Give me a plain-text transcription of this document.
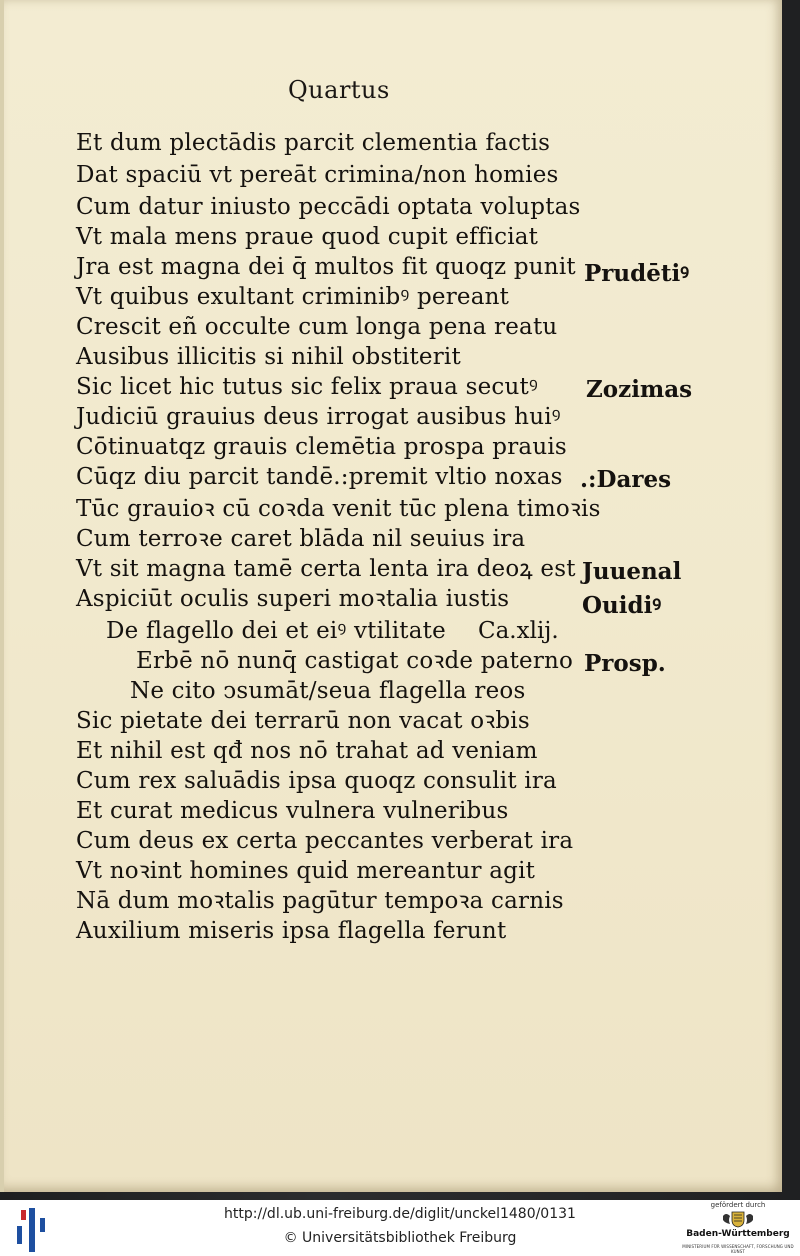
Quartus
Et dum plectādis parcit clementia factis
Dat spaciū vt pereāt crimina/non homies
Cum datur iniusto peccādi optata voluptas
Vt mala mens praue quod cupit efficiat
Jra est magna dei q̄ multos fit quoqz punit
Vt quibus exultant criminibꝰ pereant
Crescit eñ occulte cum longa pena reatu
Ausibus illicitis si nihil obstiterit
Sic licet hic tutus sic felix praua secutꝰ
Judiciū grauius deus irrogat ausibus huiꝰ
Cōtinuatqz grauis clemētia prospa prauis
Cūqz diu parcit tandē.:premit vltio noxas
Tūc grauioꝛ cū coꝛda venit tūc plena timoꝛis
Cum terroꝛe caret blāda nil seuius ira
Vt sit magna tamē certa lenta ira deoꝝ est
Aspiciūt oculis superi moꝛtalia iustis
De flagello dei et eiꝰ vtilitate Ca.xlij.
Erbē nō nunq̄ castigat coꝛde paterno
Ne cito ↄsumāt/seua flagella reos
Sic pietate dei terrarū non vacat oꝛbis
Et nihil est qđ nos nō trahat ad veniam
Cum rex saluādis ipsa quoqz consulit ira
Et curat medicus vulnera vulneribus
Cum deus ex certa peccantes verberat ira
Vt noꝛint homines quid mereantur agit
Nā dum moꝛtalis pagūtur tempoꝛa carnis
Auxilium miseris ipsa flagella ferunt
Prudētiꝰ
Zozimas
.:Dares
Juuenal
Ouidiꝰ
Prosp.
http://dl.ub.uni-freiburg.de/diglit/unckel1480/0131
© Universitätsbibliothek Freiburg
gefördert durch
Baden-Württemberg
MINISTERIUM FÜR WISSENSCHAFT, FORSCHUNG UND KUNST
